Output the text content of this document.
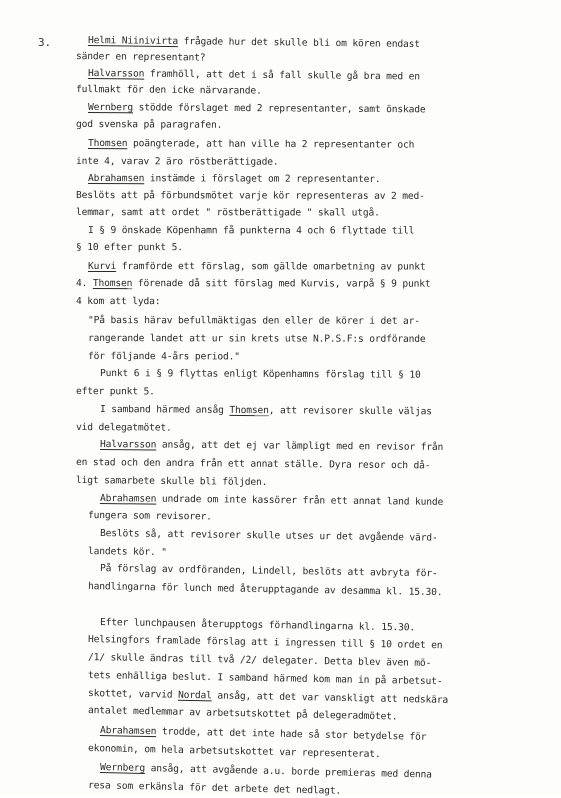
3.	Helmi Niinivirta frågade hur det skulle bli om kören endast
sänder en representant?
Halvarsson framhöll, att det i så fall skulle gå bra med en
fullmakt för den icke närvarande.
Wernberg stödde förslaget med 2 representanter, samt önskade
god svenska på paragrafen.
Thomsen poängterade, att han ville ha 2 representanter och
inte 4, varav 2 äro röstberättigade.
Abrahamsen instämde i förslaget om 2 representanter.
Beslöts att på förbundsmötet varje kör representeras av 2 med-
lemmar, samt att ordet " röstberättigade " skall utgå.
I § 9 önskade Köpenhamn få punkterna 4 och 6 flyttade till
§ 10 efter punkt 5.
Kurvi framförde ett förslag, som gällde omarbetning av punkt
4. Thomsen förenade då sitt förslag med Kurvis, varpå § 9 punkt
4 kom att lyda:
"På basis härav befullmäktigas den eller de körer i det ar-
rangerande landet att ur sin krets utse N.P.S.F:s ordförande
för följande 4-års period."
Punkt 6 i § 9 flyttas enligt Köpenhamns förslag till § 10
efter punkt 5.
I samband härmed ansåg Thomsen, att revisorer skulle väljas
vid delegatmötet.
Halvarsson ansåg, att det ej var lämpligt med en revisor från
en stad och den andra från ett annat ställe. Dyra resor och då-
ligt samarbete skulle bli följden.
Abrahamsen undrade om inte kassörer från ett annat land kunde
fungera som revisorer.
Beslöts så, att revisorer skulle utses ur det avgående värd-
landets kör. "
På förslag av ordföranden, Lindell, beslöts att avbryta för-
handlingarna för lunch med återupptagande av desamma kl. 15.30.
Efter lunchpausen återupptogs förhandlingarna kl. 15.30.
Helsingfors framlade förslag att i ingressen till § 10 ordet en
/1/ skulle ändras till två /2/ delegater. Detta blev även mö-
tets enhälliga beslut. I samband härmed kom man in på arbetsut-
skottet, varvid Nordal ansåg, att det var vanskligt att nedskära
antalet medlemmar av arbetsutskottet på delegeradmötet.
Abrahamsen trodde, att det inte hade så stor betydelse för
ekonomin, om hela arbetsutskottet var representerat.
Wernberg ansåg, att avgående a.u. borde premieras med denna
resa som erkänsla för det arbete det nedlagt.
